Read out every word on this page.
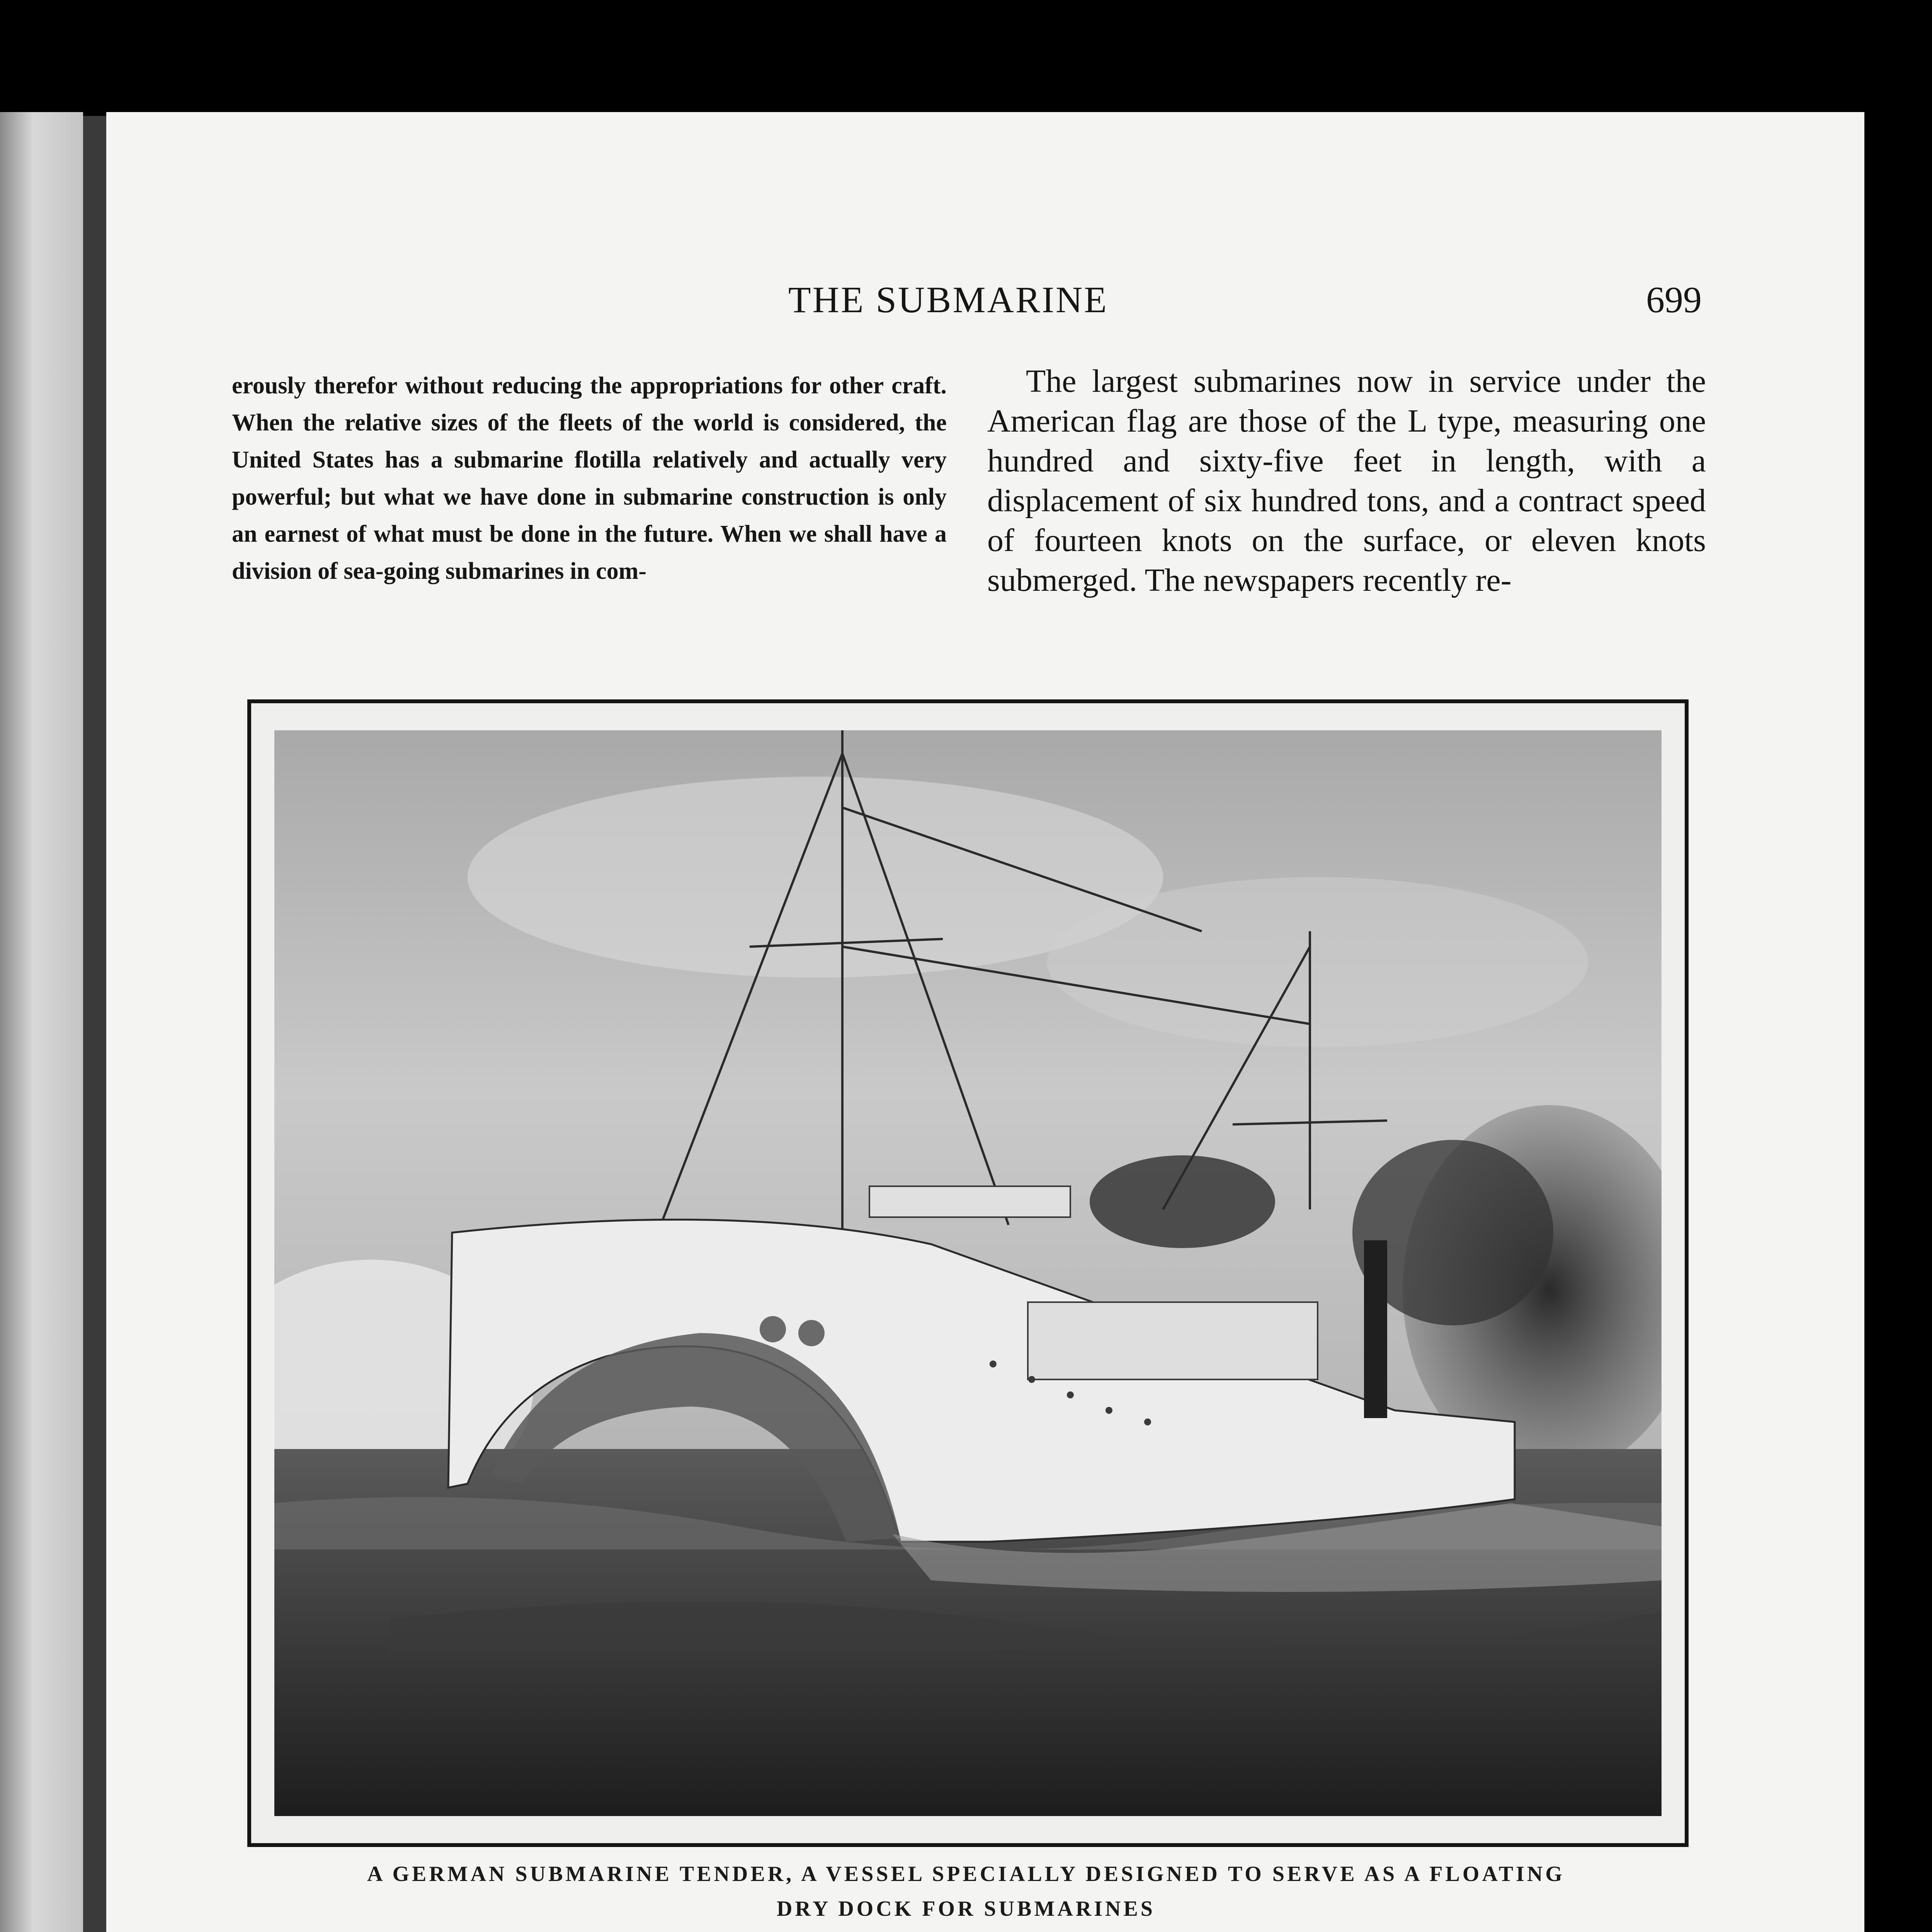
THE SUBMARINE	699

erously therefor without reducing the appropriations for other craft. When the relative sizes of the fleets of the world is considered, the United States has a submarine flotilla relatively and actually very powerful; but what we have done in submarine construction is only an earnest of what must be done in the future. When we shall have a division of sea-going submarines in com-

The largest submarines now in service under the American flag are those of the L type, measuring one hundred and sixty-five feet in length, with a displacement of six hundred tons, and a contract speed of fourteen knots on the surface, or eleven knots submerged. The newspapers recently re-

A GERMAN SUBMARINE TENDER, A VESSEL SPECIALLY DESIGNED TO SERVE AS A FLOATING
DRY DOCK FOR SUBMARINES
